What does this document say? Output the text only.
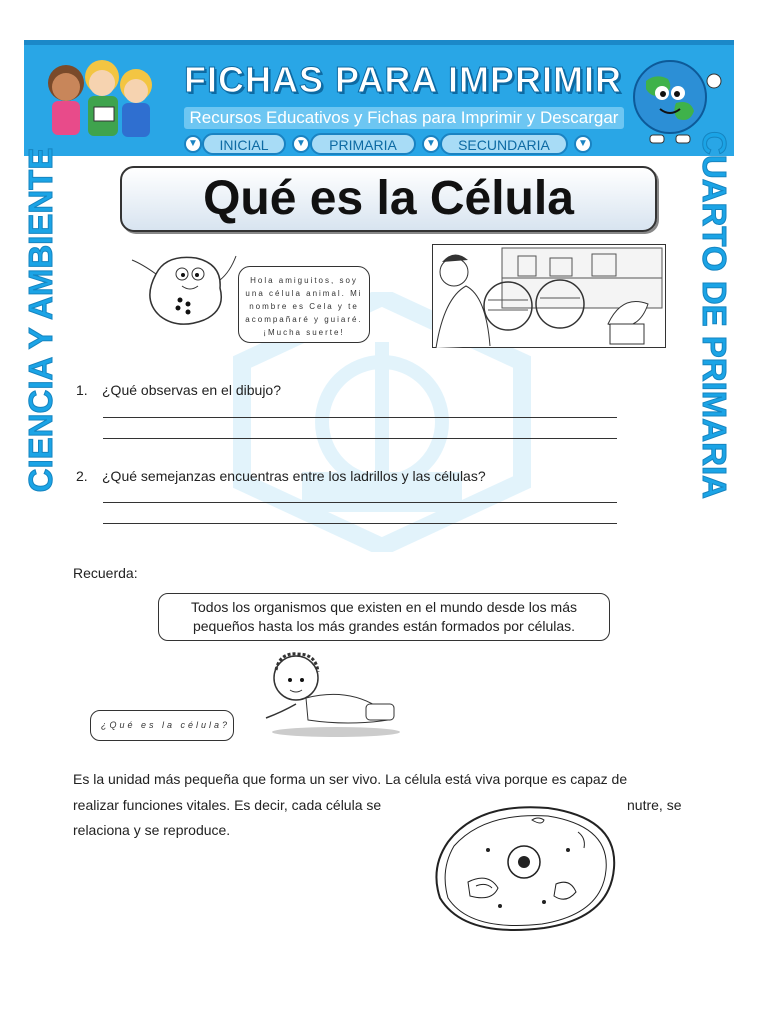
FICHAS PARA IMPRIMIR
Recursos Educativos y Fichas para Imprimir y Descargar
▼	INICIAL	▼	PRIMARIA	▼	SECUNDARIA	▼
CIENCIA Y AMBIENTE	CUARTO DE PRIMARIA
Qué es la Célula
Hola amiguitos, soy una célula animal. Mi nombre es Cela y te acompañaré y guiaré. ¡Mucha suerte!
1. ¿Qué observas en el dibujo?
2. ¿Qué semejanzas encuentras entre los ladrillos y las células?
Recuerda:
Todos los organismos que existen en el mundo desde los más pequeños hasta los más grandes están formados por células.
¿Qué es la célula?
Es la unidad más pequeña que forma un ser vivo. La célula está viva porque es capaz de
realizar funciones vitales. Es decir, cada célula se	nutre, se
relaciona y se reproduce.
